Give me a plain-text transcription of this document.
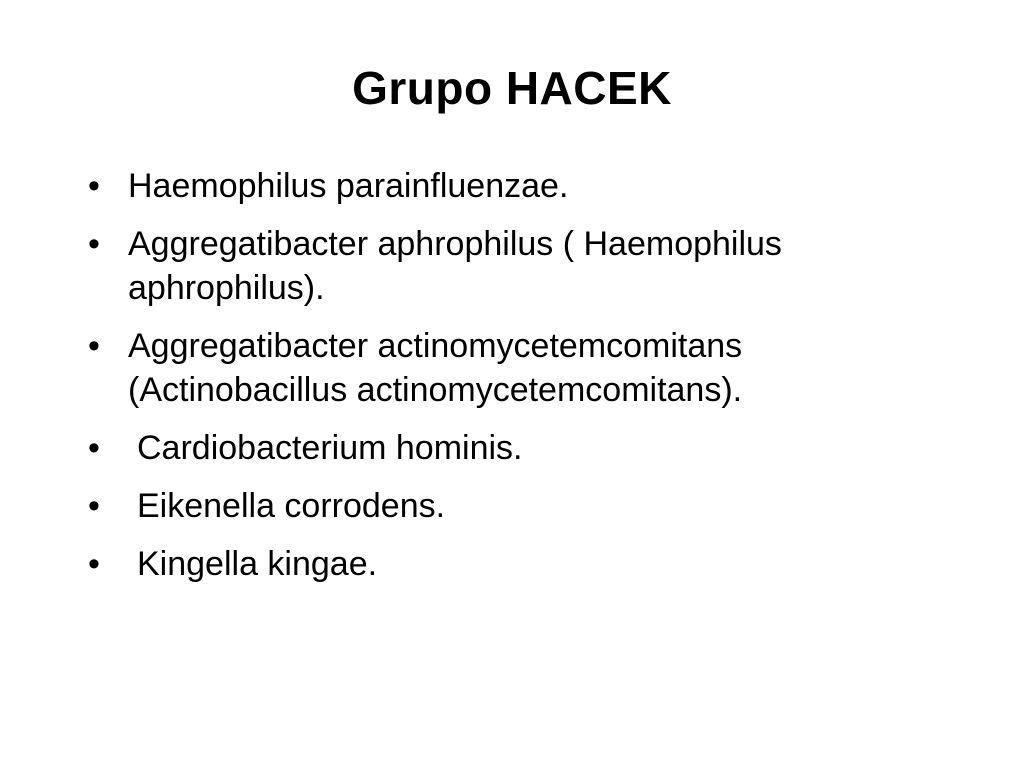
Grupo HACEK
• Haemophilus parainfluenzae.
• Aggregatibacter aphrophilus ( Haemophilus aphrophilus).
• Aggregatibacter actinomycetemcomitans (Actinobacillus actinomycetemcomitans).
•	Cardiobacterium hominis.
•	Eikenella corrodens.
•	Kingella kingae.
